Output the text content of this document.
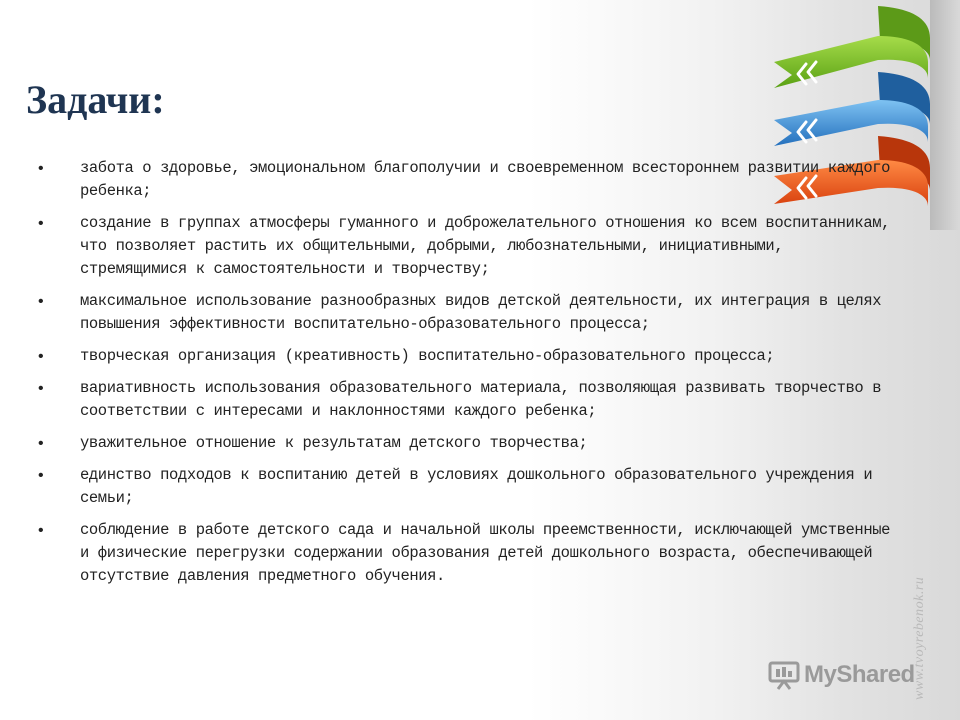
Задачи:
• забота о здоровье, эмоциональном благополучии и своевременном всестороннем развитии каждого ребенка;
• создание в группах атмосферы гуманного и доброжелательного отношения ко всем воспитанникам, что позволяет растить их общительными, добрыми, любознательными, инициативными, стремящимися к самостоятельности и творчеству;
• максимальное использование разнообразных видов детской деятельности, их интеграция в целях повышения эффективности воспитательно-образовательного процесса;
• творческая организация (креативность) воспитательно-образовательного процесса;
• вариативность использования образовательного материала, позволяющая развивать творчество в соответствии с интересами и наклонностями каждого ребенка;
• уважительное отношение к результатам детского творчества;
• единство подходов к воспитанию детей в условиях дошкольного образовательного учреждения и семьи;
• соблюдение в работе детского сада и начальной школы преемственности, исключающей умственные и физические перегрузки содержании образования детей дошкольного возраста, обеспечивающей отсутствие давления предметного обучения.
www.tvoyrebenok.ru
MyShared
